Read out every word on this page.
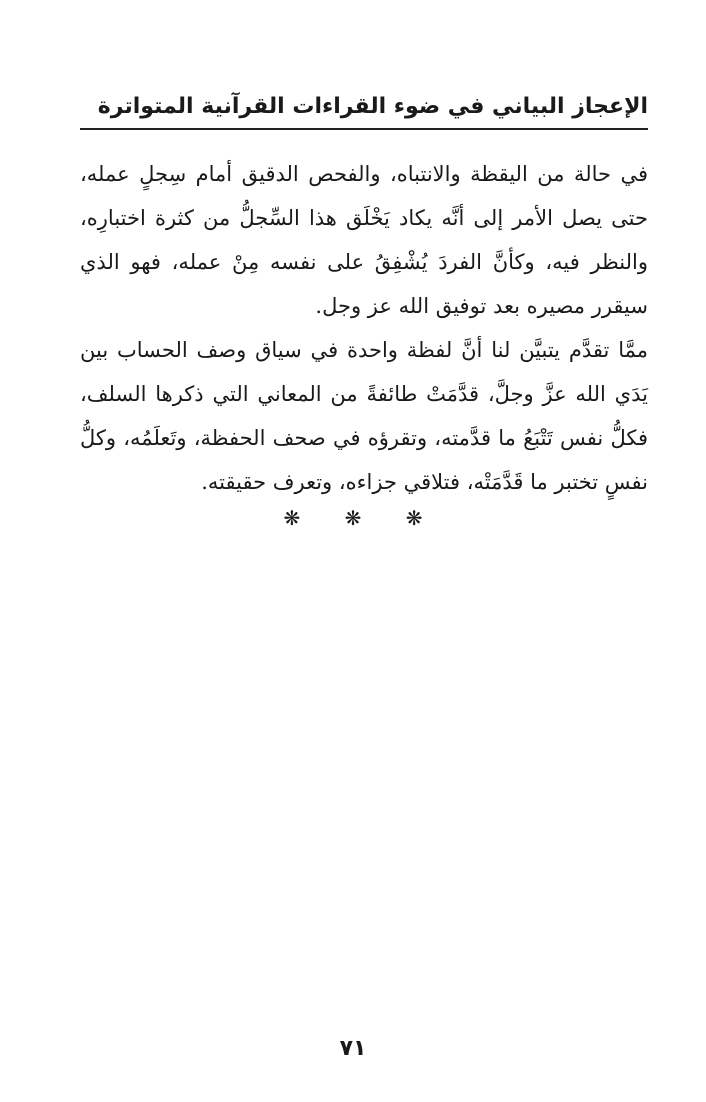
الإعجاز البياني في ضوء القراءات القرآنية المتواترة

في حالة من اليقظة والانتباه، والفحص الدقيق أمام سِجلٍ عمله، حتى يصل الأمر إلى أنَّه يكاد يَخْلَق هذا السِّجلُّ من كثرة اختبارِه، والنظر فيه، وكأنَّ الفردَ يُشْفِقُ على نفسه مِنْ عمله، فهو الذي سيقرر مصيره بعد توفيق الله عز وجل.

ممَّا تقدَّم يتبيَّن لنا أنَّ لفظة واحدة في سياق وصف الحساب بين يَدَي الله عزَّ وجلَّ، قدَّمَتْ طائفةً من المعاني التي ذكرها السلف، فكلُّ نفس تَتْبَعُ ما قدَّمته، وتقرؤه في صحف الحفظة، وتَعلَمُه، وكلُّ نفسٍ تختبر ما قَدَّمَتْه، فتلاقي جزاءه، وتعرف حقيقته.

❋ ❋ ❋
٧١
